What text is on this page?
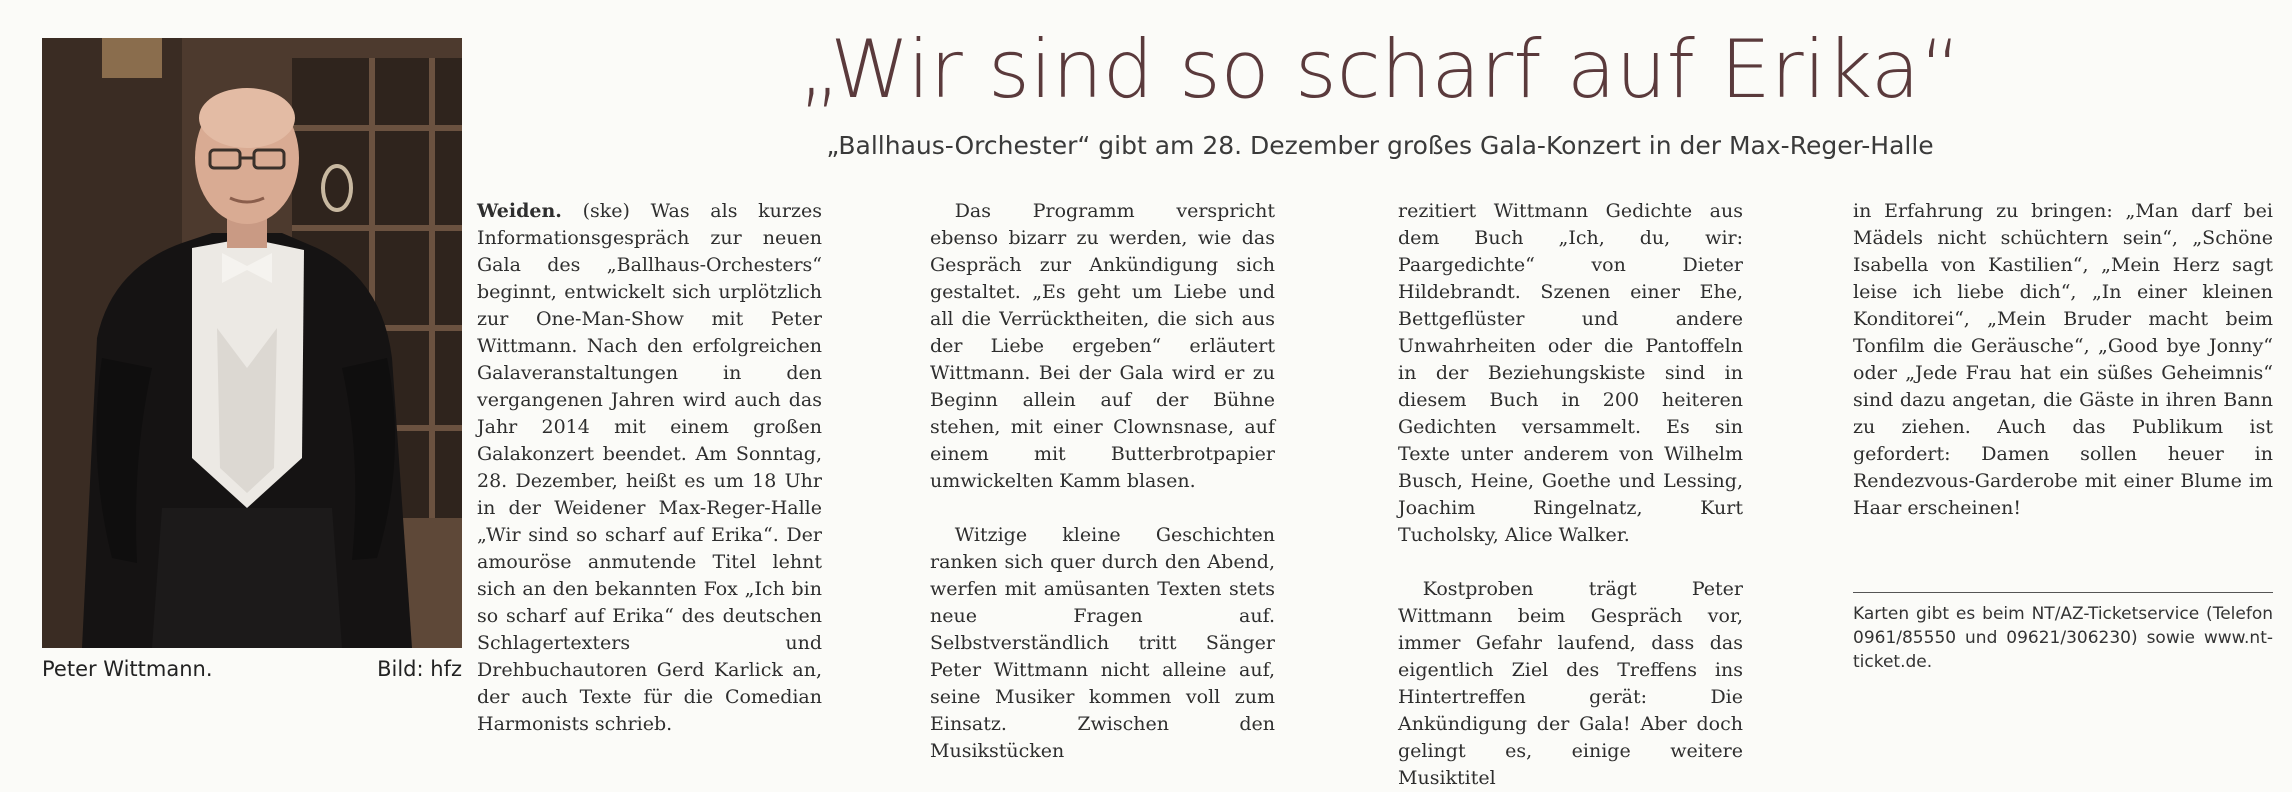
Peter Wittmann.	Bild: hfz
„Wir sind so scharf auf Erika“
„Ballhaus-Orchester“ gibt am 28. Dezember großes Gala-Konzert in der Max-Reger-Halle

Weiden. (ske) Was als kurzes Informationsgespräch zur neuen Gala des „Ballhaus-Orchesters“ beginnt, entwickelt sich urplötzlich zur One-Man-Show mit Peter Wittmann. Nach den erfolgreichen Galaveranstaltungen in den vergangenen Jahren wird auch das Jahr 2014 mit einem großen Galakonzert beendet. Am Sonntag, 28. Dezember, heißt es um 18 Uhr in der Weidener Max-Reger-Halle „Wir sind so scharf auf Erika“. Der amouröse anmutende Titel lehnt sich an den bekannten Fox „Ich bin so scharf auf Erika“ des deutschen Schlagertexters und Drehbuchautoren Gerd Karlick an, der auch Texte für die Comedian Harmonists schrieb.

Das Programm verspricht ebenso bizarr zu werden, wie das Gespräch zur Ankündigung sich gestaltet. „Es geht um Liebe und all die Verrücktheiten, die sich aus der Liebe ergeben“ erläutert Wittmann. Bei der Gala wird er zu Beginn allein auf der Bühne stehen, mit einer Clownsnase, auf einem mit Butterbrotpapier umwickelten Kamm blasen.

Witzige kleine Geschichten ranken sich quer durch den Abend, werfen mit amüsanten Texten stets neue Fragen auf. Selbstverständlich tritt Sänger Peter Wittmann nicht alleine auf, seine Musiker kommen voll zum Einsatz. Zwischen den Musikstücken

rezitiert Wittmann Gedichte aus dem Buch „Ich, du, wir: Paargedichte“ von Dieter Hildebrandt. Szenen einer Ehe, Bettgeflüster und andere Unwahrheiten oder die Pantoffeln in der Beziehungskiste sind in diesem Buch in 200 heiteren Gedichten versammelt. Es sin Texte unter anderem von Wilhelm Busch, Heine, Goethe und Lessing, Joachim Ringelnatz, Kurt Tucholsky, Alice Walker.

Kostproben trägt Peter Wittmann beim Gespräch vor, immer Gefahr laufend, dass das eigentlich Ziel des Treffens ins Hintertreffen gerät: Die Ankündigung der Gala! Aber doch gelingt es, einige weitere Musiktitel

in Erfahrung zu bringen: „Man darf bei Mädels nicht schüchtern sein“, „Schöne Isabella von Kastilien“, „Mein Herz sagt leise ich liebe dich“, „In einer kleinen Konditorei“, „Mein Bruder macht beim Tonfilm die Geräusche“, „Good bye Jonny“ oder „Jede Frau hat ein süßes Geheimnis“ sind dazu angetan, die Gäste in ihren Bann zu ziehen. Auch das Publikum ist gefordert: Damen sollen heuer in Rendezvous-Garderobe mit einer Blume im Haar erscheinen!

Karten gibt es beim NT/AZ-Ticketservice (Telefon 0961/85550 und 09621/306230) sowie www.nt-ticket.de.
